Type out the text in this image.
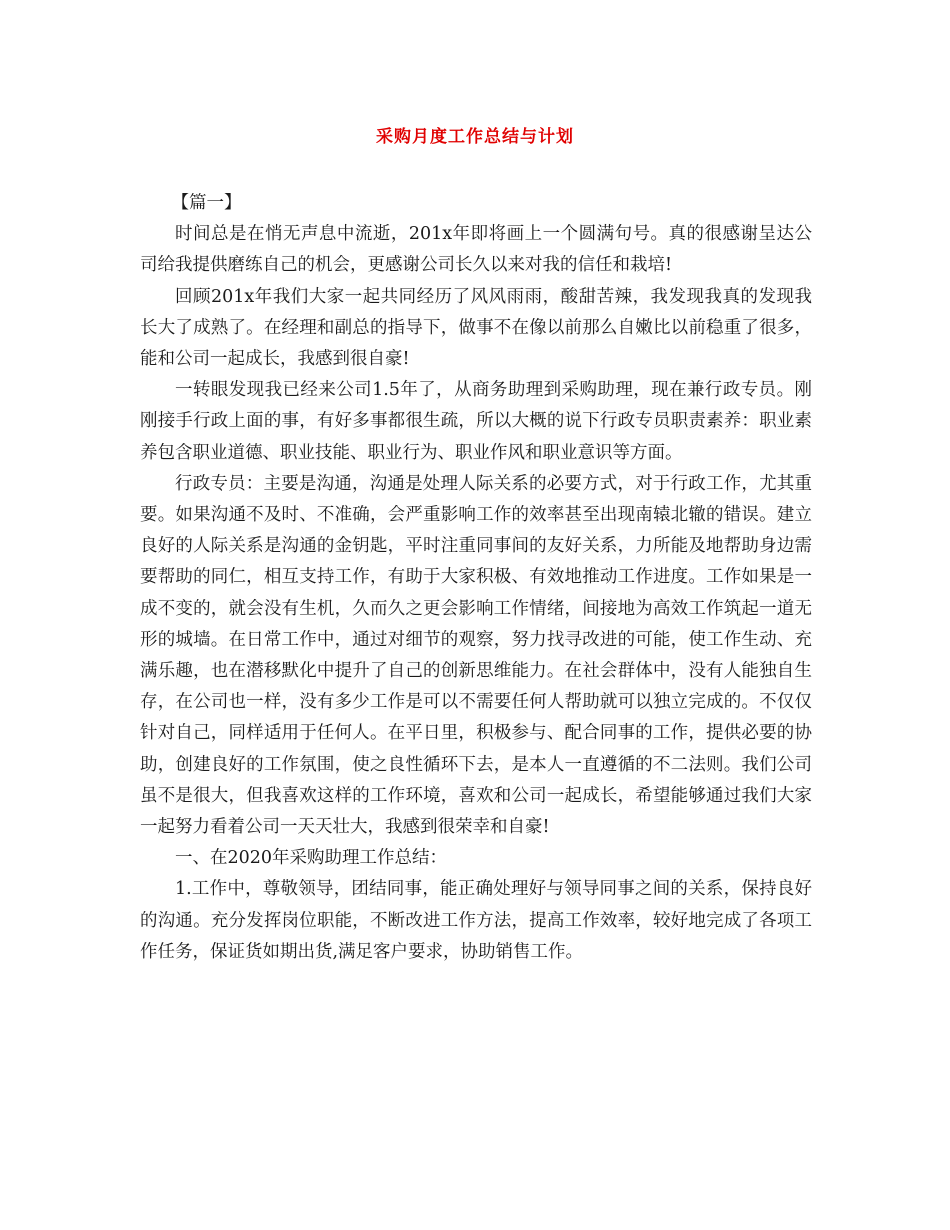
采购月度工作总结与计划

【篇一】

时间总是在悄无声息中流逝，201x年即将画上一个圆满句号。真的很感谢呈达公司给我提供磨练自己的机会，更感谢公司长久以来对我的信任和栽培!

回顾201x年我们大家一起共同经历了风风雨雨，酸甜苦辣，我发现我真的发现我长大了成熟了。在经理和副总的指导下，做事不在像以前那么自嫩比以前稳重了很多，能和公司一起成长，我感到很自豪!

一转眼发现我已经来公司1.5年了，从商务助理到采购助理，现在兼行政专员。刚刚接手行政上面的事，有好多事都很生疏，所以大概的说下行政专员职责素养：职业素养包含职业道德、职业技能、职业行为、职业作风和职业意识等方面。

行政专员：主要是沟通，沟通是处理人际关系的必要方式，对于行政工作，尤其重要。如果沟通不及时、不准确，会严重影响工作的效率甚至出现南辕北辙的错误。建立良好的人际关系是沟通的金钥匙，平时注重同事间的友好关系，力所能及地帮助身边需要帮助的同仁，相互支持工作，有助于大家积极、有效地推动工作进度。工作如果是一成不变的，就会没有生机，久而久之更会影响工作情绪，间接地为高效工作筑起一道无形的城墙。在日常工作中，通过对细节的观察，努力找寻改进的可能，使工作生动、充满乐趣，也在潜移默化中提升了自己的创新思维能力。在社会群体中，没有人能独自生存，在公司也一样，没有多少工作是可以不需要任何人帮助就可以独立完成的。不仅仅针对自己，同样适用于任何人。在平日里，积极参与、配合同事的工作，提供必要的协助，创建良好的工作氛围，使之良性循环下去，是本人一直遵循的不二法则。我们公司虽不是很大，但我喜欢这样的工作环境，喜欢和公司一起成长，希望能够通过我们大家一起努力看着公司一天天壮大，我感到很荣幸和自豪!

一、在2020年采购助理工作总结：

1.工作中，尊敬领导，团结同事，能正确处理好与领导同事之间的关系，保持良好的沟通。充分发挥岗位职能，不断改进工作方法，提高工作效率，较好地完成了各项工作任务，保证货如期出货,满足客户要求，协助销售工作。
